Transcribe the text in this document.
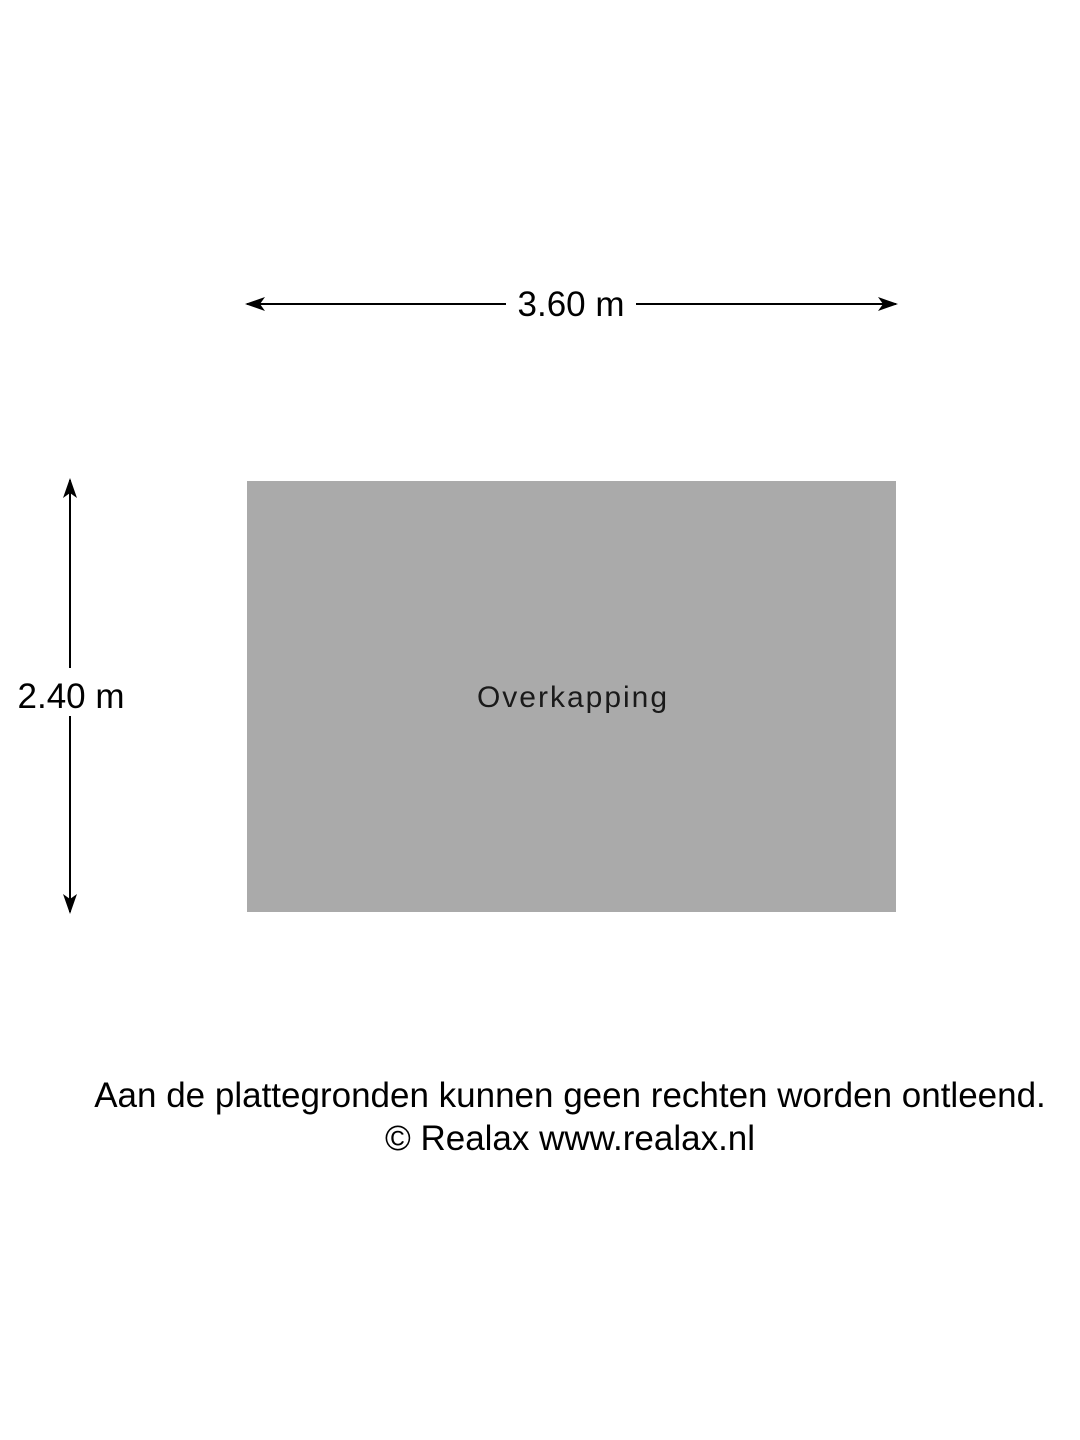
3.60 m
2.40 m	Overkapping
Aan de plattegronden kunnen geen rechten worden ontleend.
© Realax www.realax.nl
